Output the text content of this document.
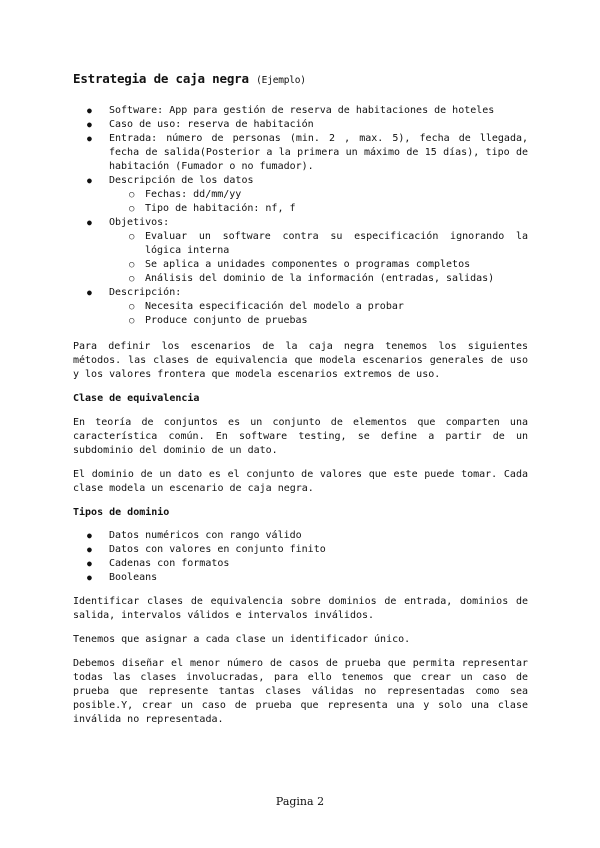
Estrategia de caja negra (Ejemplo)
● Software: App para gestión de reserva de habitaciones de hoteles
● Caso de uso: reserva de habitación
● Entrada: número de personas (min. 2 , max. 5), fecha de llegada, fecha de salida(Posterior a la primera un máximo de 15 días), tipo de habitación (Fumador o no fumador).
● Descripción de los datos
○ Fechas: dd/mm/yy
○ Tipo de habitación: nf, f
● Objetivos:
○ Evaluar un software contra su especificación ignorando la lógica interna
○ Se aplica a unidades componentes o programas completos
○ Análisis del dominio de la información (entradas, salidas)
● Descripción:
○ Necesita especificación del modelo a probar
○ Produce conjunto de pruebas

Para definir los escenarios de la caja negra tenemos los siguientes métodos. las clases de equivalencia que modela escenarios generales de uso y los valores frontera que modela escenarios extremos de uso.

Clase de equivalencia

En teoría de conjuntos es un conjunto de elementos que comparten una característica común. En software testing, se define a partir de un subdominio del dominio de un dato.

El dominio de un dato es el conjunto de valores que este puede tomar. Cada clase modela un escenario de caja negra.

Tipos de dominio

● Datos numéricos con rango válido
● Datos con valores en conjunto finito
● Cadenas con formatos
● Booleans

Identificar clases de equivalencia sobre dominios de entrada, dominios de salida, intervalos válidos e intervalos inválidos.

Tenemos que asignar a cada clase un identificador único.

Debemos diseñar el menor número de casos de prueba que permita representar todas las clases involucradas, para ello tenemos que crear un caso de prueba que represente tantas clases válidas no representadas como sea posible.Y, crear un caso de prueba que representa una y solo una clase inválida no representada.

Pagina 2
